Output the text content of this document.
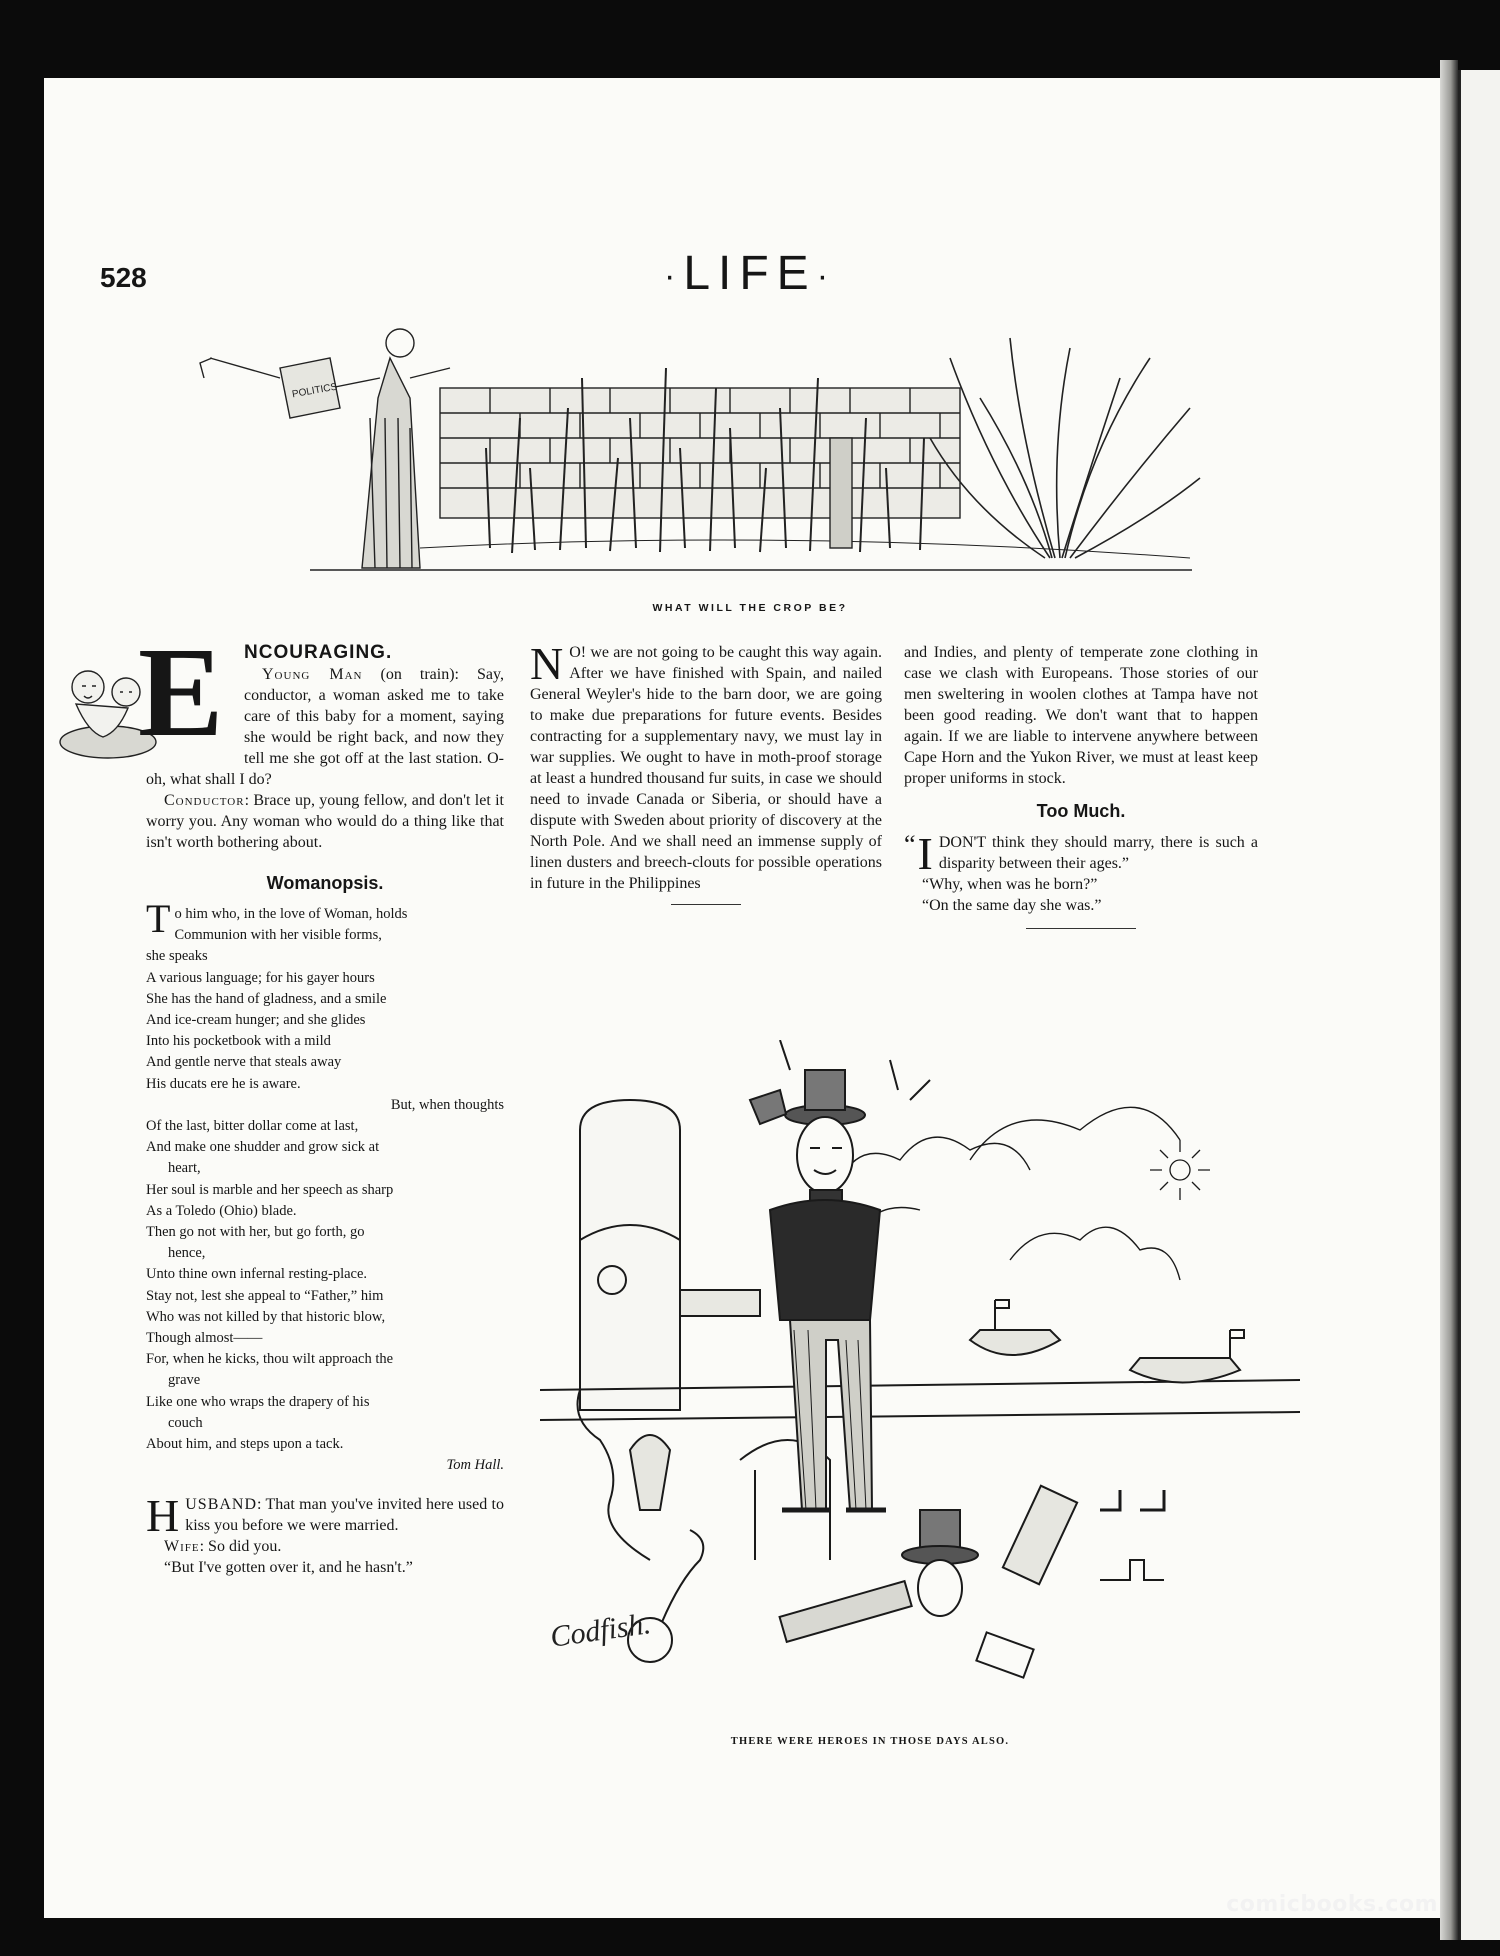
528	·LIFE·
POLITICS
WHAT WILL THE CROP BE?
E	NCOURAGING.

Young Man (on train): Say, conductor, a woman asked me to take care of this baby for a moment, saying she would be right back, and now they tell me she got off at the last station. O-oh, what shall I do?

Conductor: Brace up, young fellow, and don't let it worry you. Any woman who would do a thing like that isn't worth bothering about.

Womanopsis.

To him who, in the love of Woman, holds

Communion with her visible forms,

she speaks

A various language; for his gayer hours

She has the hand of gladness, and a smile

And ice-cream hunger; and she glides

Into his pocketbook with a mild

And gentle nerve that steals away

His ducats ere he is aware.

But, when thoughts

Of the last, bitter dollar come at last,

And make one shudder and grow sick at

heart,

Her soul is marble and her speech as sharp

As a Toledo (Ohio) blade.

Then go not with her, but go forth, go

hence,

Unto thine own infernal resting-place.

Stay not, lest she appeal to “Father,” him

Who was not killed by that historic blow,

Though almost——

For, when he kicks, thou wilt approach the

grave

Like one who wraps the drapery of his

couch

About him, and steps upon a tack.

Tom Hall.

HUSBAND: That man you've invited here used to kiss you before we were married.

Wife: So did you.

“But I've gotten over it, and he hasn't.”

N O! we are not going to be caught this way again. After we have finished with Spain, and nailed General Weyler's hide to the barn door, we are going to make due preparations for future events. Besides contracting for a supplementary navy, we must lay in war supplies. We ought to have in moth-proof storage at least a hundred thousand fur suits, in case we should need to invade Canada or Siberia, or should have a dispute with Sweden about priority of discovery at the North Pole. And we shall need an immense supply of linen dusters and breech-clouts for possible operations in future in the Philippines

and Indies, and plenty of temperate zone clothing in case we clash with Europeans. Those stories of our men sweltering in woolen clothes at Tampa have not been good reading. We don't want that to happen again. If we are liable to intervene anywhere between Cape Horn and the Yukon River, we must at least keep proper uniforms in stock.

Too Much.

“ I DON'T think they should marry, there is such a disparity between their ages.”

“Why, when was he born?”

“On the same day she was.”

Codfish.
THERE WERE HEROES IN THOSE DAYS ALSO.
comicbooks.com
